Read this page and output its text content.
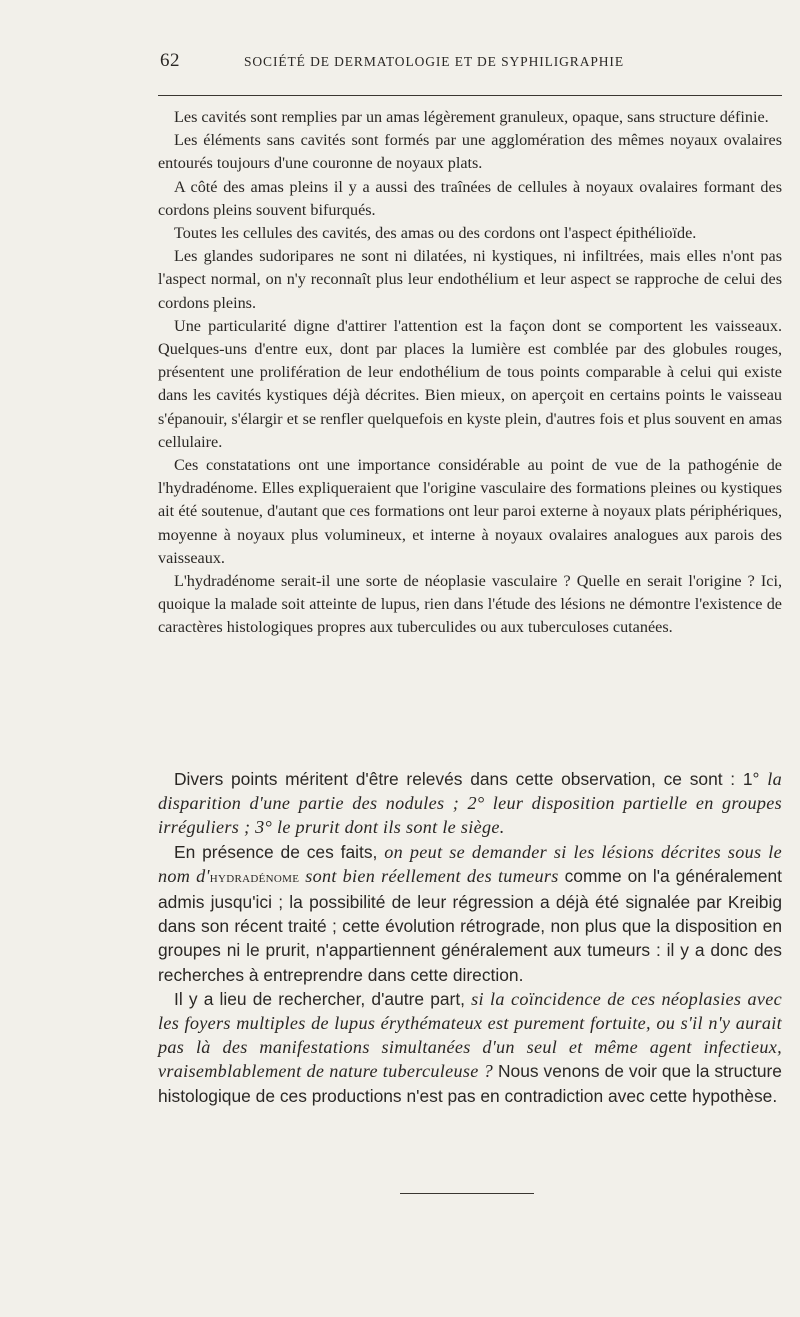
62	SOCIÉTÉ DE DERMATOLOGIE ET DE SYPHILIGRAPHIE

Les cavités sont remplies par un amas légèrement granuleux, opaque, sans structure définie.

Les éléments sans cavités sont formés par une agglomération des mêmes noyaux ovalaires entourés toujours d'une couronne de noyaux plats.

A côté des amas pleins il y a aussi des traînées de cellules à noyaux ovalaires formant des cordons pleins souvent bifurqués.

Toutes les cellules des cavités, des amas ou des cordons ont l'aspect épithélioïde.

Les glandes sudoripares ne sont ni dilatées, ni kystiques, ni infiltrées, mais elles n'ont pas l'aspect normal, on n'y reconnaît plus leur endothélium et leur aspect se rapproche de celui des cordons pleins.

Une particularité digne d'attirer l'attention est la façon dont se comportent les vaisseaux. Quelques-uns d'entre eux, dont par places la lumière est comblée par des globules rouges, présentent une prolifération de leur endothélium de tous points comparable à celui qui existe dans les cavités kystiques déjà décrites. Bien mieux, on aperçoit en certains points le vaisseau s'épanouir, s'élargir et se renfler quelquefois en kyste plein, d'autres fois et plus souvent en amas cellulaire.

Ces constatations ont une importance considérable au point de vue de la pathogénie de l'hydradénome. Elles expliqueraient que l'origine vasculaire des formations pleines ou kystiques ait été soutenue, d'autant que ces formations ont leur paroi externe à noyaux plats périphériques, moyenne à noyaux plus volumineux, et interne à noyaux ovalaires analogues aux parois des vaisseaux.

L'hydradénome serait-il une sorte de néoplasie vasculaire ? Quelle en serait l'origine ? Ici, quoique la malade soit atteinte de lupus, rien dans l'étude des lésions ne démontre l'existence de caractères histologiques propres aux tuberculides ou aux tuberculoses cutanées.

Divers points méritent d'être relevés dans cette observation, ce sont : 1° la disparition d'une partie des nodules ; 2° leur disposition partielle en groupes irréguliers ; 3° le prurit dont ils sont le siège.

En présence de ces faits, on peut se demander si les lésions décrites sous le nom d'hydradénome sont bien réellement des tumeurs comme on l'a généralement admis jusqu'ici ; la possibilité de leur régression a déjà été signalée par Kreibig dans son récent traité ; cette évolution rétrograde, non plus que la disposition en groupes ni le prurit, n'appartiennent généralement aux tumeurs : il y a donc des recherches à entreprendre dans cette direction.

Il y a lieu de rechercher, d'autre part, si la coïncidence de ces néoplasies avec les foyers multiples de lupus érythémateux est purement fortuite, ou s'il n'y aurait pas là des manifestations simultanées d'un seul et même agent infectieux, vraisemblablement de nature tuberculeuse ? Nous venons de voir que la structure histologique de ces productions n'est pas en contradiction avec cette hypothèse.
